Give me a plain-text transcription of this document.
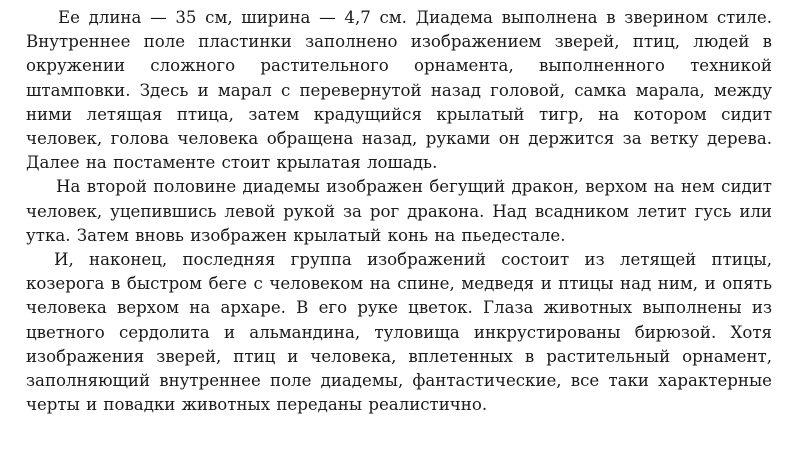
Ее длина — 35 см, ширина — 4,7 см. Диадема выполнена в зверином стиле. Внутреннее поле пластинки заполнено изображением зверей, птиц, людей в окружении сложного растительного орнамента, выполненного техникой штамповки. Здесь и марал с перевернутой назад головой, самка марала, между ними летящая птица, затем крадущийся крылатый тигр, на котором сидит человек, голова человека обращена назад, руками он держится за ветку дерева. Далее на постаменте стоит крылатая лошадь.

На второй половине диадемы изображен бегущий дракон, верхом на нем сидит человек, уцепившись левой рукой за рог дракона. Над всадником летит гусь или утка. Затем вновь изображен крылатый конь на пьедестале.

И, наконец, последняя группа изображений состоит из летящей птицы, козерога в быстром беге с человеком на спине, медведя и птицы над ним, и опять человека верхом на архаре. В его руке цветок. Глаза животных выполнены из цветного сердолита и альмандина, туловища инкрустированы бирюзой. Хотя изображения зверей, птиц и человека, вплетенных в растительный орнамент, заполняющий внутреннее поле диадемы, фантастические, все таки характерные черты и повадки животных переданы реалистично.
